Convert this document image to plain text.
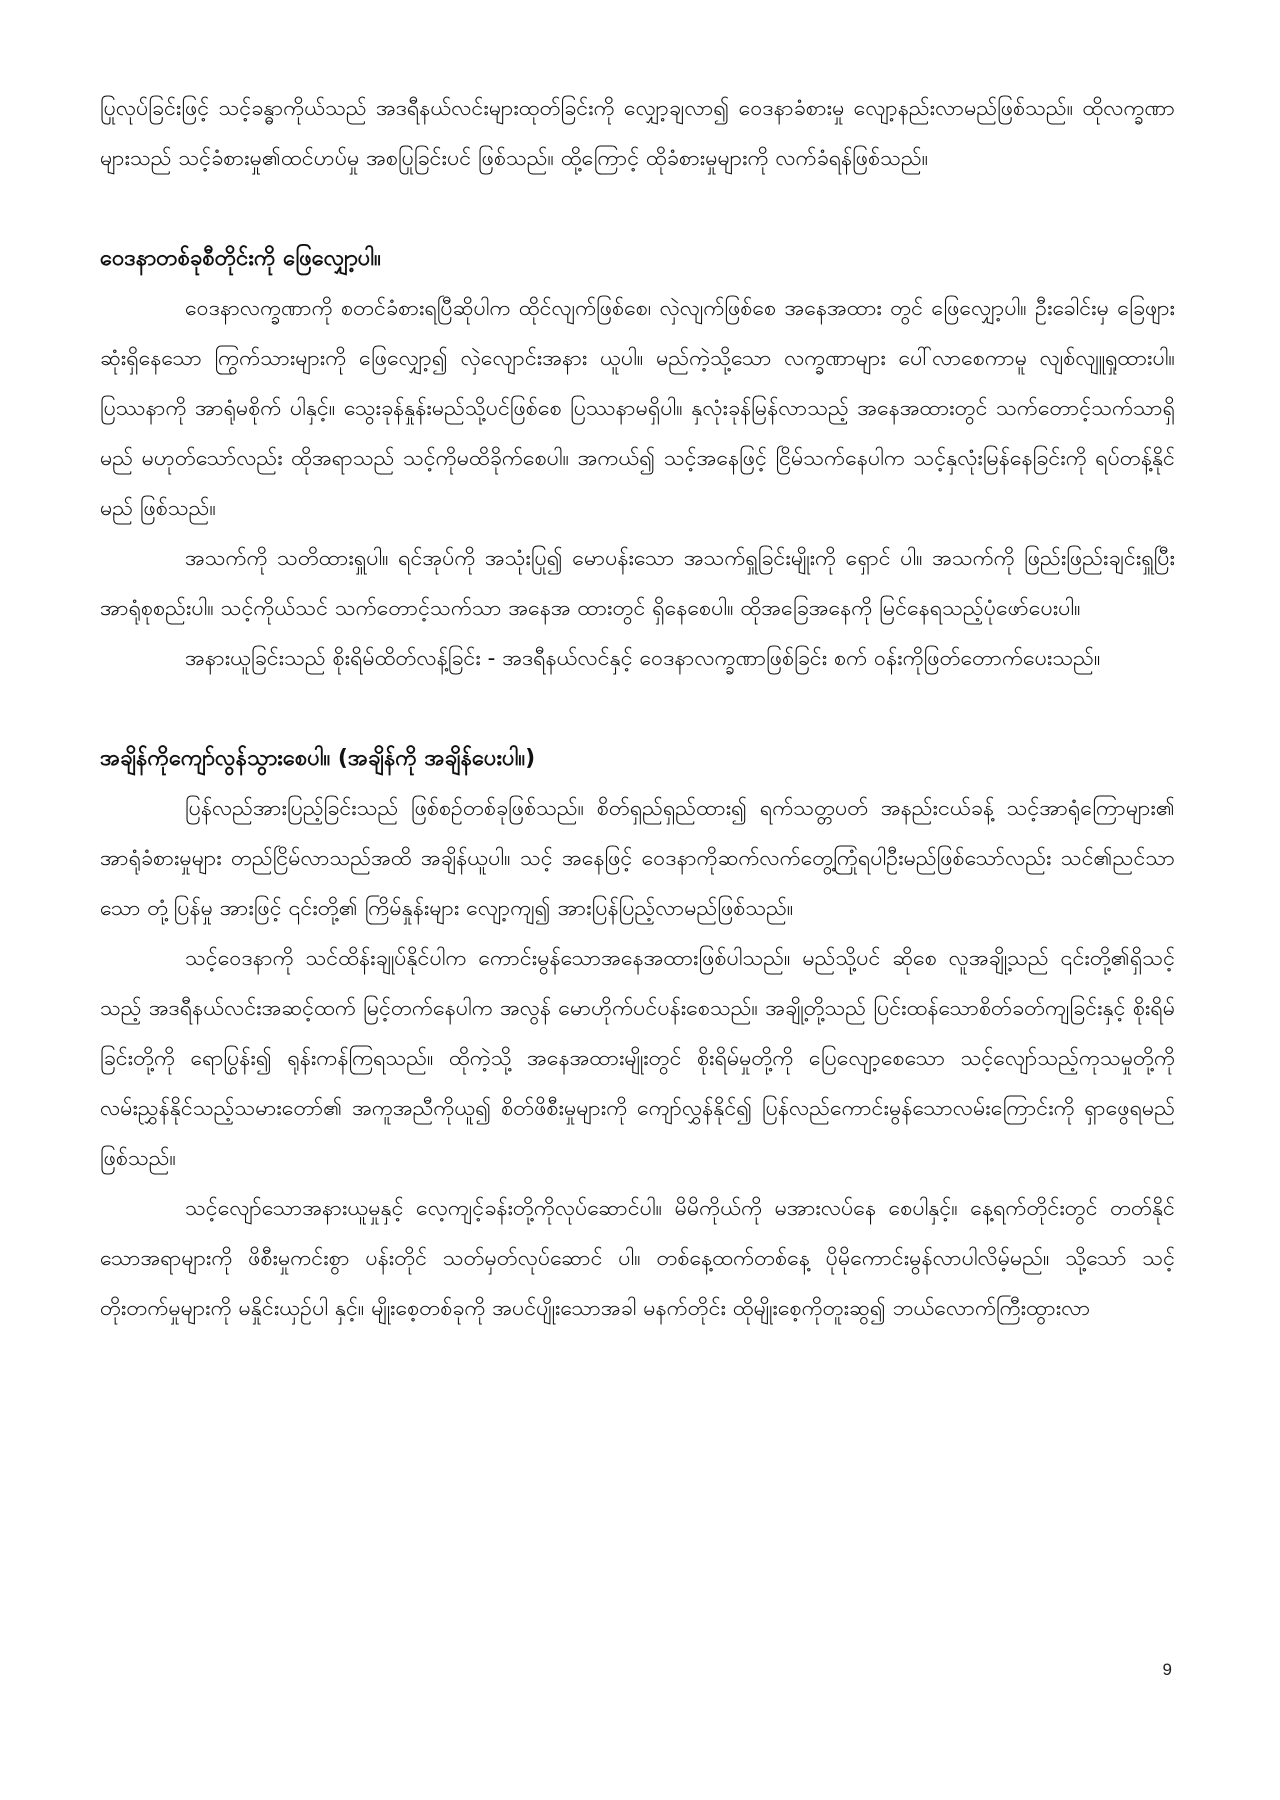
ပြုလုပ်ခြင်းဖြင့် သင့်ခန္ဓာကိုယ်သည် အဒရီနယ်လင်းများထုတ်ခြင်းကို လျှော့ချလာ၍ ဝေဒနာခံစားမှု လျော့နည်းလာမည်ဖြစ်သည်။ ထိုလက္ခဏာများသည် သင့်ခံစားမှု၏ထင်ဟပ်မှု အစပြုခြင်းပင် ဖြစ်သည်။ ထို့ကြောင့် ထိုခံစားမှုများကို လက်ခံရန်ဖြစ်သည်။

ဝေဒနာတစ်ခုစီတိုင်းကို ဖြေလျှော့ပါ။

ဝေဒနာလက္ခဏာကို စတင်ခံစားရပြီဆိုပါက ထိုင်လျက်ဖြစ်စေ၊ လှဲလျက်ဖြစ်စေ အနေအထား တွင် ဖြေလျှော့ပါ။ ဦးခေါင်းမှ ခြေဖျားဆုံးရှိနေသော ကြွက်သားများကို ဖြေလျှော့၍ လှဲလျောင်းအနား ယူပါ။ မည်ကဲ့သို့သော လက္ခဏာများ ပေါ်လာစေကာမူ လျစ်လျူရှုထားပါ။ ပြဿနာကို အာရုံမစိုက် ပါနှင့်။ သွေးခုန်နှုန်းမည်သို့ပင်ဖြစ်စေ ပြဿနာမရှိပါ။ နှလုံးခုန်မြန်လာသည့် အနေအထားတွင် သက်တောင့်သက်သာရှိမည် မဟုတ်သော်လည်း ထိုအရာသည် သင့်ကိုမထိခိုက်စေပါ။ အကယ်၍ သင့်အနေဖြင့် ငြိမ်သက်နေပါက သင့်နှလုံးမြန်နေခြင်းကို ရပ်တန့်နိုင်မည် ဖြစ်သည်။

အသက်ကို သတိထားရှူပါ။ ရင်အုပ်ကို အသုံးပြု၍ မောပန်းသော အသက်ရှူခြင်းမျိုးကို ရှောင် ပါ။ အသက်ကို ဖြည်းဖြည်းချင်းရှူပြီး အာရုံစုစည်းပါ။ သင့်ကိုယ်သင် သက်တောင့်သက်သာ အနေအ ထားတွင် ရှိနေစေပါ။ ထိုအခြေအနေကို မြင်နေရသည့်ပုံဖော်ပေးပါ။

အနားယူခြင်းသည် စိုးရိမ်ထိတ်လန့်ခြင်း - အဒရီနယ်လင်နှင့် ဝေဒနာလက္ခဏာဖြစ်ခြင်း စက် ဝန်းကိုဖြတ်တောက်ပေးသည်။

အချိန်ကိုကျော်လွန်သွားစေပါ။ (အချိန်ကို အချိန်ပေးပါ။)

ပြန်လည်အားပြည့်ခြင်းသည် ဖြစ်စဉ်တစ်ခုဖြစ်သည်။ စိတ်ရှည်ရှည်ထား၍ ရက်သတ္တပတ် အနည်းငယ်ခန့် သင့်အာရုံကြောများ၏ အာရုံခံစားမှုများ တည်ငြိမ်လာသည်အထိ အချိန်ယူပါ။ သင့် အနေဖြင့် ဝေဒနာကိုဆက်လက်တွေ့ကြုံရပါဦးမည်ဖြစ်သော်လည်း သင်၏ညင်သာသော တုံ့ပြန်မှု အားဖြင့် ၎င်းတို့၏ ကြိမ်နှုန်းများ လျော့ကျ၍ အားပြန်ပြည့်လာမည်ဖြစ်သည်။

သင့်ဝေဒနာကို သင်ထိန်းချုပ်နိုင်ပါက ကောင်းမွန်သောအနေအထားဖြစ်ပါသည်။ မည်သို့ပင် ဆိုစေ လူအချို့သည် ၎င်းတို့၏ရှိသင့်သည့် အဒရီနယ်လင်းအဆင့်ထက် မြင့်တက်နေပါက အလွန် မောဟိုက်ပင်ပန်းစေသည်။ အချို့တို့သည် ပြင်းထန်သောစိတ်ခတ်ကျခြင်းနှင့် စိုးရိမ်ခြင်းတို့ကို ရောပြွန်း၍ ရုန်းကန်ကြရသည်။ ထိုကဲ့သို့ အနေအထားမျိုးတွင် စိုးရိမ်မှုတို့ကို ပြေလျော့စေသော သင့်လျော်သည့်ကုသမှုတို့ကို လမ်းညွှန်နိုင်သည့်သမားတော်၏ အကူအညီကိုယူ၍ စိတ်ဖိစီးမှုများကို ကျော်လွှန်နိုင်၍ ပြန်လည်ကောင်းမွန်သောလမ်းကြောင်းကို ရှာဖွေရမည်ဖြစ်သည်။

သင့်လျော်သောအနားယူမှုနှင့် လေ့ကျင့်ခန်းတို့ကိုလုပ်ဆောင်ပါ။ မိမိကိုယ်ကို မအားလပ်နေ စေပါနှင့်။ နေ့ရက်တိုင်းတွင် တတ်နိုင်သောအရာများကို ဖိစီးမှုကင်းစွာ ပန်းတိုင် သတ်မှတ်လုပ်ဆောင် ပါ။ တစ်နေ့ထက်တစ်နေ့ ပိုမိုကောင်းမွန်လာပါလိမ့်မည်။ သို့သော် သင့်တိုးတက်မှုများကို မနှိုင်းယှဉ်ပါ နှင့်။ မျိုးစေ့တစ်ခုကို အပင်ပျိုးသောအခါ မနက်တိုင်း ထိုမျိုးစေ့ကိုတူးဆွ၍ ဘယ်လောက်ကြီးထွားလာ

9
